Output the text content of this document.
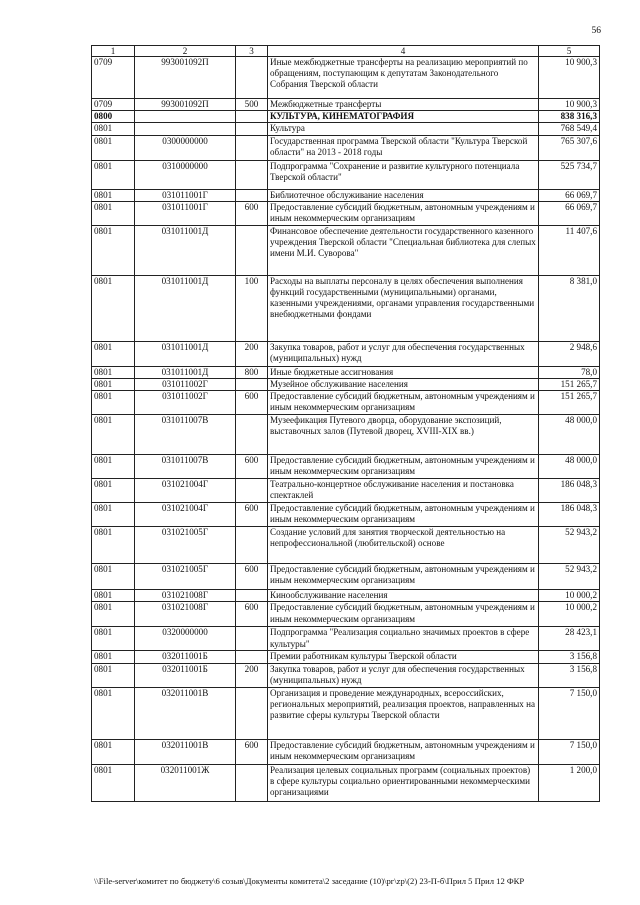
56
1	2	3	4	5
0709	993001092П		Иные межбюджетные трансферты на реализацию мероприятий по обращениям, поступающим к депутатам Законодательного Собрания Тверской области	10 900,3
0709	993001092П	500	Межбюджетные трансферты	10 900,3
0800			КУЛЬТУРА, КИНЕМАТОГРАФИЯ	838 316,3
0801			Культура	768 549,4
0801	0300000000		Государственная программа Тверской области "Культура Тверской области" на 2013 - 2018 годы	765 307,6
0801	0310000000		Подпрограмма "Сохранение и развитие культурного потенциала Тверской области"	525 734,7
0801	031011001Г		Библиотечное обслуживание населения	66 069,7
0801	031011001Г	600	Предоставление субсидий бюджетным, автономным учреждениям и иным некоммерческим организациям	66 069,7
0801	031011001Д		Финансовое обеспечение деятельности государственного казенного учреждения Тверской области "Специальная библиотека для слепых имени М.И. Суворова"	11 407,6
0801	031011001Д	100	Расходы на выплаты персоналу в целях обеспечения выполнения функций государственными (муниципальными) органами, казенными учреждениями, органами управления государственными внебюджетными фондами	8 381,0
0801	031011001Д	200	Закупка товаров, работ и услуг для обеспечения государственных (муниципальных) нужд	2 948,6
0801	031011001Д	800	Иные бюджетные ассигнования	78,0
0801	031011002Г		Музейное обслуживание населения	151 265,7
0801	031011002Г	600	Предоставление субсидий бюджетным, автономным учреждениям и иным некоммерческим организациям	151 265,7
0801	031011007В		Музеефикация Путевого дворца, оборудование экспозиций, выставочных залов (Путевой дворец, XVIII-XIX вв.)	48 000,0
0801	031011007В	600	Предоставление субсидий бюджетным, автономным учреждениям и иным некоммерческим организациям	48 000,0
0801	031021004Г		Театрально-концертное обслуживание населения и постановка спектаклей	186 048,3
0801	031021004Г	600	Предоставление субсидий бюджетным, автономным учреждениям и иным некоммерческим организациям	186 048,3
0801	031021005Г		Создание условий для занятия творческой деятельностью на непрофессиональной (любительской) основе	52 943,2
0801	031021005Г	600	Предоставление субсидий бюджетным, автономным учреждениям и иным некоммерческим организациям	52 943,2
0801	031021008Г		Кинообслуживание населения	10 000,2
0801	031021008Г	600	Предоставление субсидий бюджетным, автономным учреждениям и иным некоммерческим организациям	10 000,2
0801	0320000000		Подпрограмма "Реализация социально значимых проектов в сфере культуры"	28 423,1
0801	032011001Б		Премии работникам культуры Тверской области	3 156,8
0801	032011001Б	200	Закупка товаров, работ и услуг для обеспечения государственных (муниципальных) нужд	3 156,8
0801	032011001В		Организация и проведение международных, всероссийских, региональных мероприятий, реализация проектов, направленных на развитие сферы культуры Тверской области	7 150,0
0801	032011001В	600	Предоставление субсидий бюджетным, автономным учреждениям и иным некоммерческим организациям	7 150,0
0801	032011001Ж		Реализация целевых социальных программ (социальных проектов) в сфере культуры социально ориентированными некоммерческими организациями	1 200,0
\\File-server\комитет по бюджету\6 созыв\Документы комитета\2 заседание (10)\рг\zp\(2) 23-П-б\Прил 5 Прил 12 ФКР
